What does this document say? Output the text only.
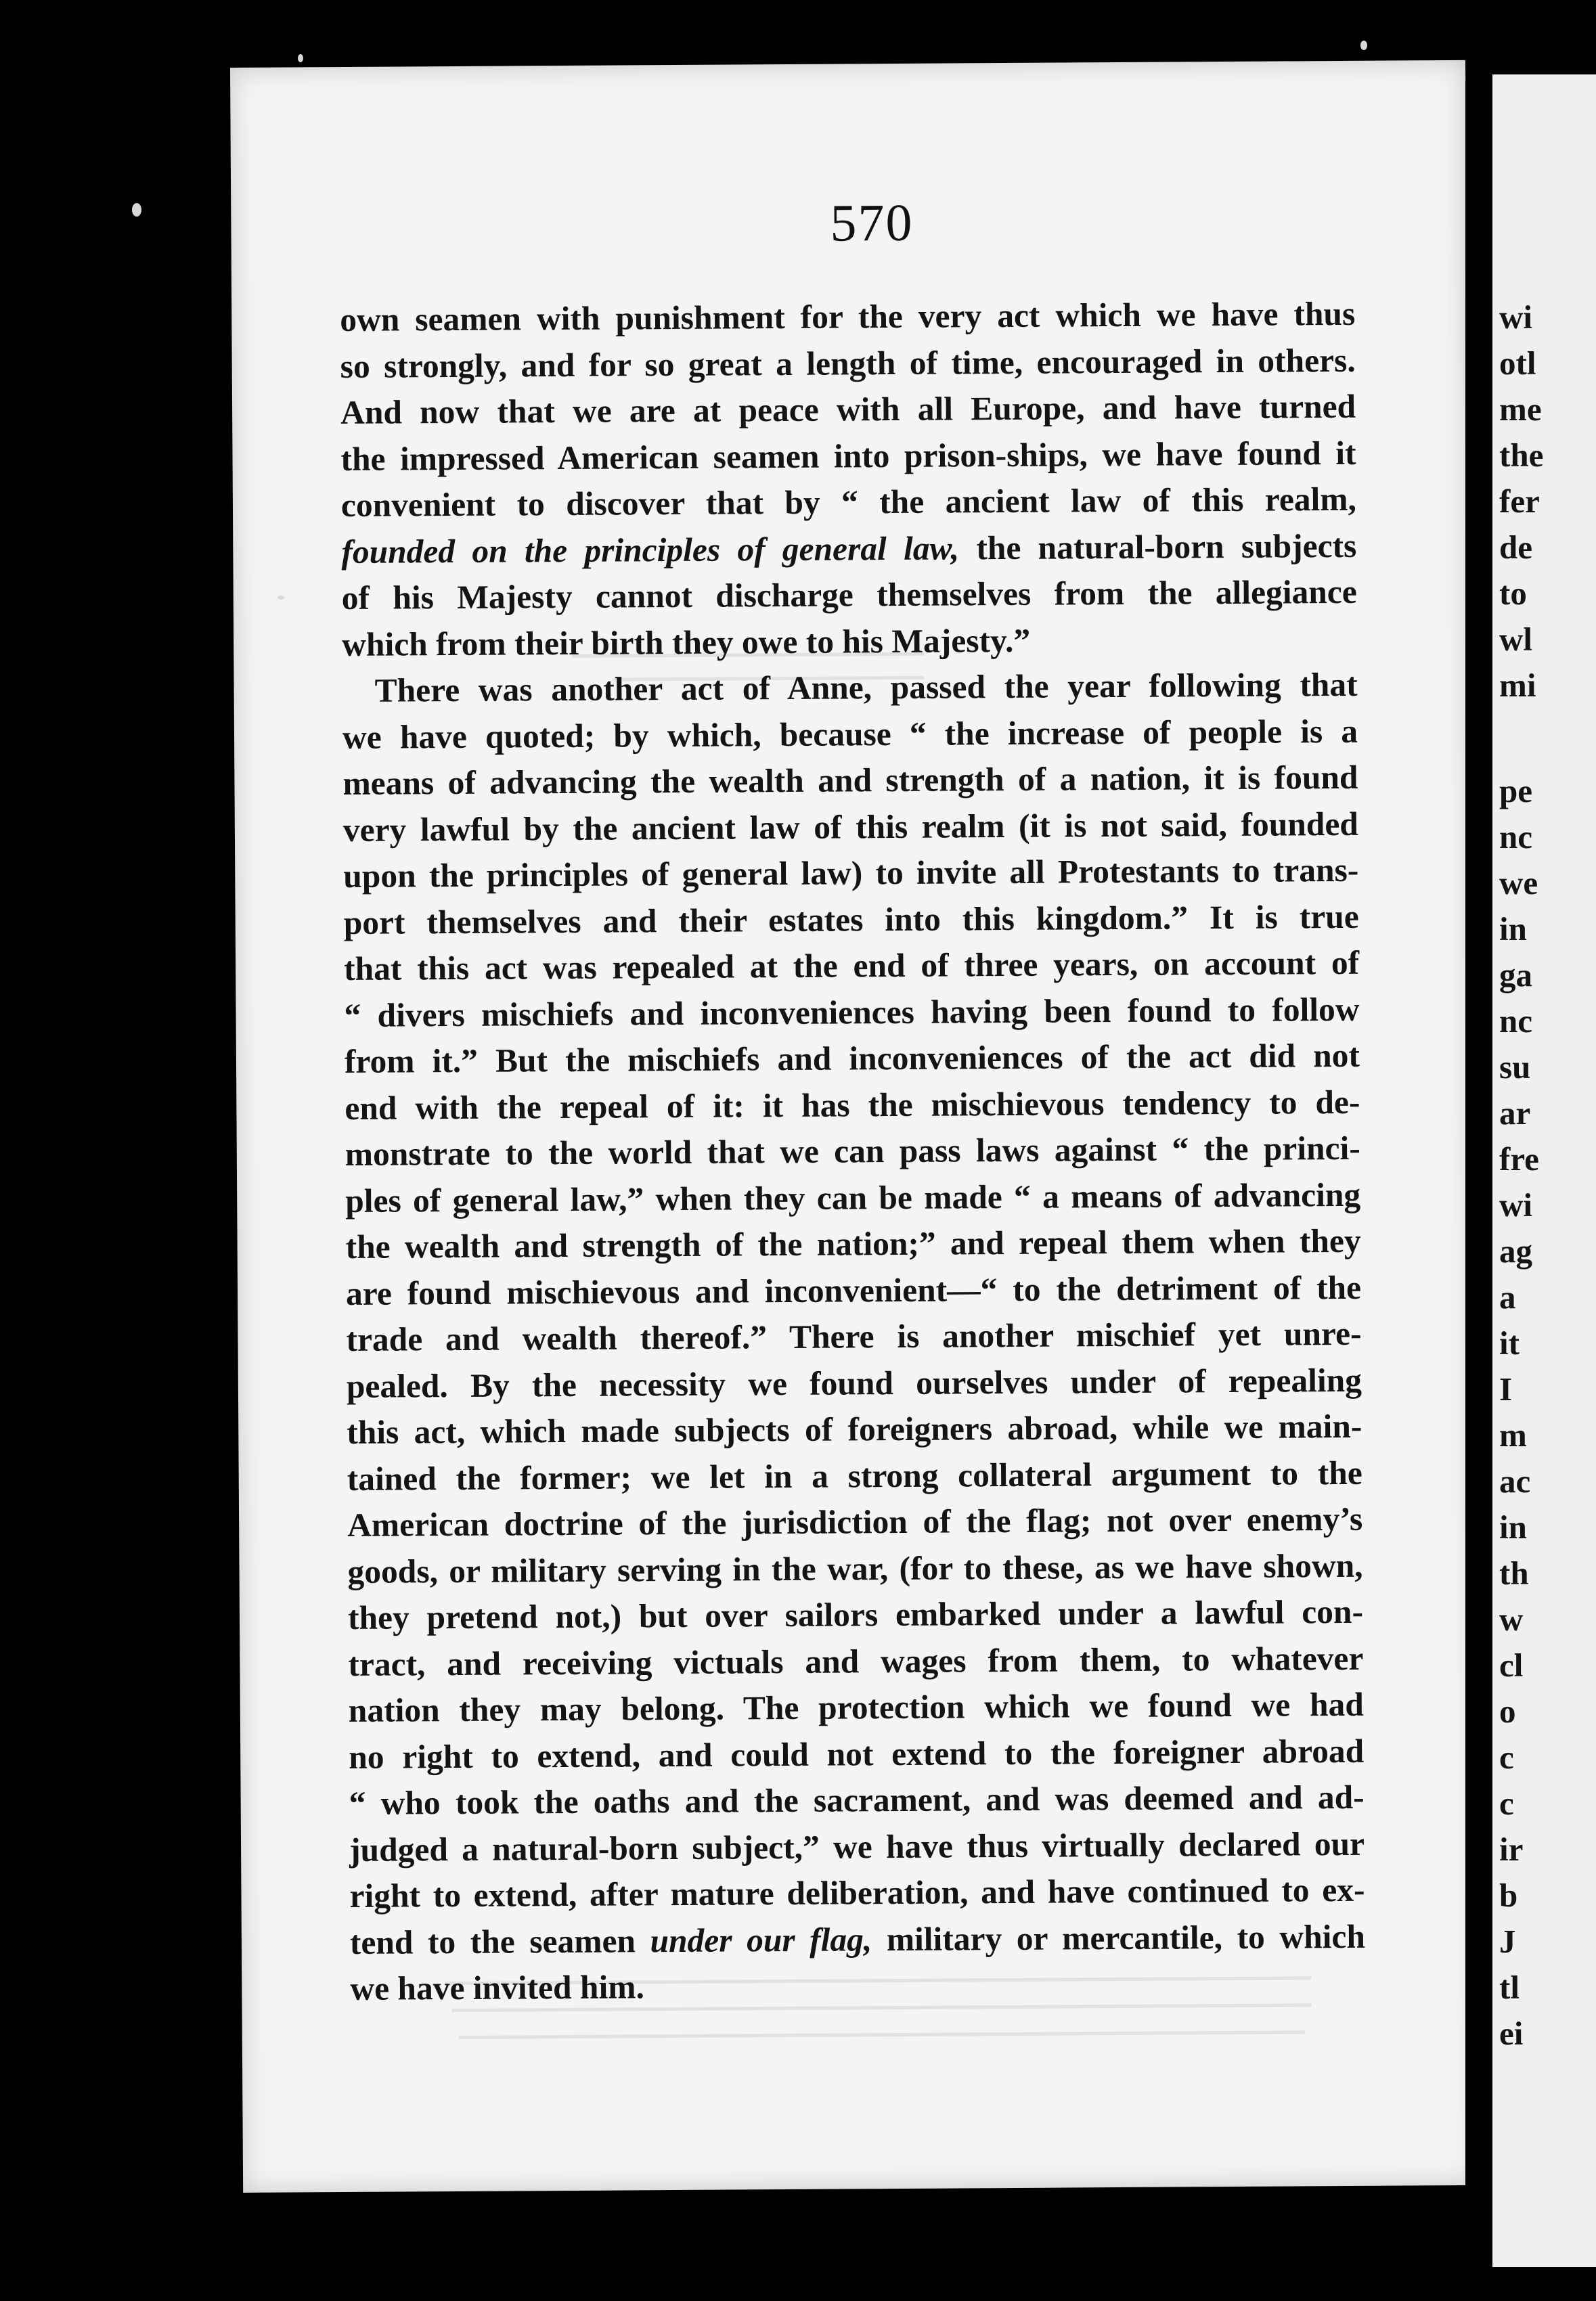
570
own seamen with punishment for the very act which we have thus
so strongly, and for so great a length of time, encouraged in others.
And now that we are at peace with all Europe, and have turned
the impressed American seamen into prison-ships, we have found it
convenient to discover that by “ the ancient law of this realm,
founded on the principles of general law, the natural-born subjects
of his Majesty cannot discharge themselves from the allegiance
which from their birth they owe to his Majesty.”
There was another act of Anne, passed the year following that
we have quoted; by which, because “ the increase of people is a
means of advancing the wealth and strength of a nation, it is found
very lawful by the ancient law of this realm (it is not said, founded
upon the principles of general law) to invite all Protestants to trans-
port themselves and their estates into this kingdom.” It is true
that this act was repealed at the end of three years, on account of
“ divers mischiefs and inconveniences having been found to follow
from it.” But the mischiefs and inconveniences of the act did not
end with the repeal of it: it has the mischievous tendency to de-
monstrate to the world that we can pass laws against “ the princi-
ples of general law,” when they can be made “ a means of advancing
the wealth and strength of the nation;” and repeal them when they
are found mischievous and inconvenient—“ to the detriment of the
trade and wealth thereof.” There is another mischief yet unre-
pealed. By the necessity we found ourselves under of repealing
this act, which made subjects of foreigners abroad, while we main-
tained the former; we let in a strong collateral argument to the
American doctrine of the jurisdiction of the flag; not over enemy’s
goods, or military serving in the war, (for to these, as we have shown,
they pretend not,) but over sailors embarked under a lawful con-
tract, and receiving victuals and wages from them, to whatever
nation they may belong. The protection which we found we had
no right to extend, and could not extend to the foreigner abroad
“ who took the oaths and the sacrament, and was deemed and ad-
judged a natural-born subject,” we have thus virtually declared our
right to extend, after mature deliberation, and have continued to ex-
tend to the seamen under our flag, military or mercantile, to which
we have invited him.
wi
otl
me
the
fer
de
to
wl
mi
pe
nc
we
in
ga
nc
su
ar
fre
wi
ag
a
it
I
m
ac
in
th
w
cl
o
c
c
ir
b
J
tl
ei
